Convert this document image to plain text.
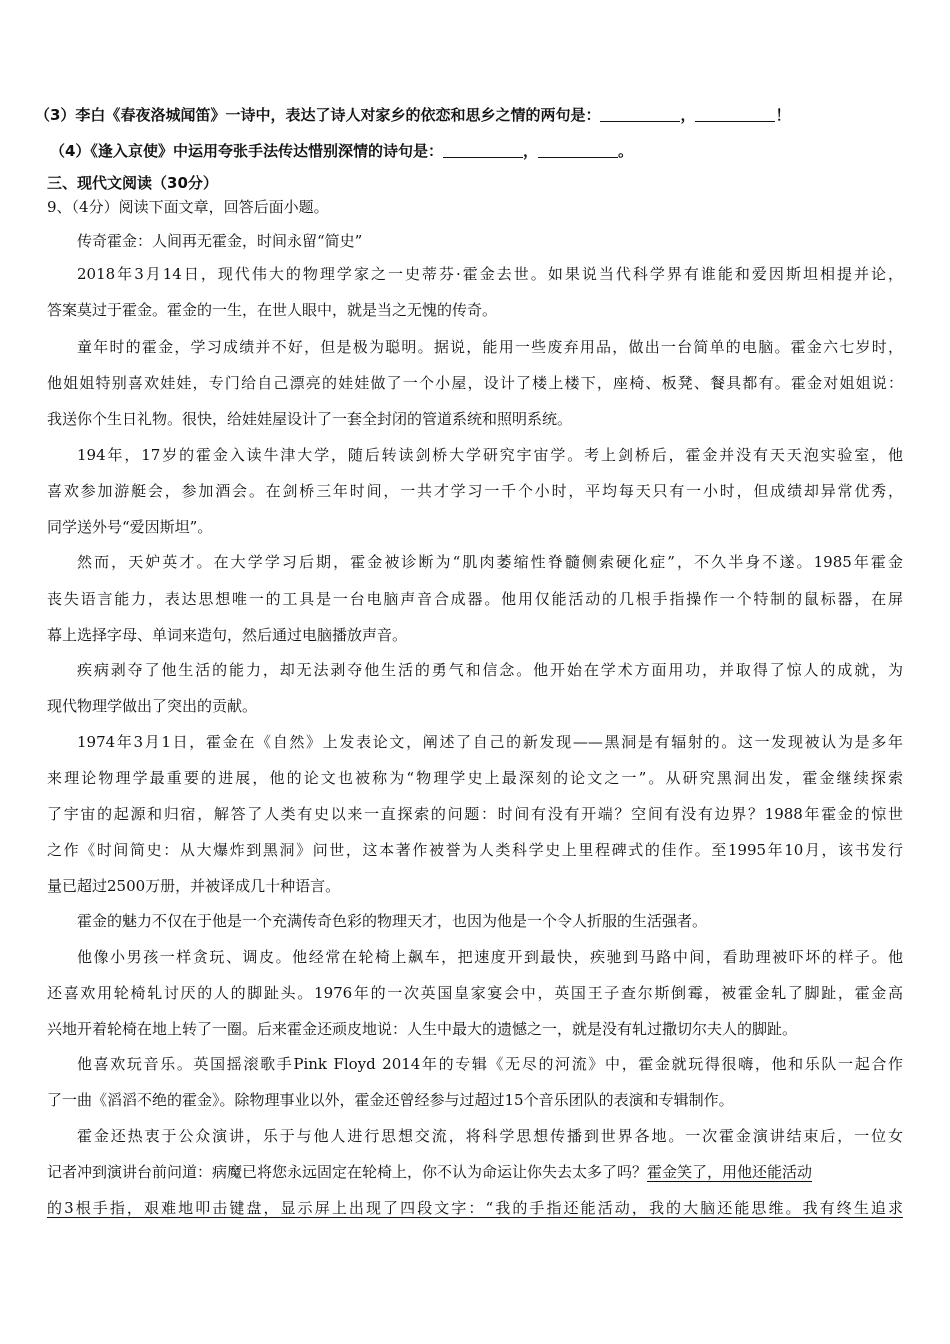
（3）李白《春夜洛城闻笛》一诗中，表达了诗人对家乡的依恋和思乡之情的两句是：	，	！
（4）《逢入京使》中运用夸张手法传达惜别深情的诗句是：	，	。
三、现代文阅读（30分）
9、（4分）阅读下面文章，回答后面小题。
传奇霍金：人间再无霍金，时间永留“简史”
2018年3月14日，现代伟大的物理学家之一史蒂芬·霍金去世。如果说当代科学界有谁能和爱因斯坦相提并论，
答案莫过于霍金。霍金的一生，在世人眼中，就是当之无愧的传奇。
童年时的霍金，学习成绩并不好，但是极为聪明。据说，能用一些废弃用品，做出一台简单的电脑。霍金六七岁时，
他姐姐特别喜欢娃娃，专门给自己漂亮的娃娃做了一个小屋，设计了楼上楼下，座椅、板凳、餐具都有。霍金对姐姐说：
我送你个生日礼物。很快，给娃娃屋设计了一套全封闭的管道系统和照明系统。
194年，17岁的霍金入读牛津大学，随后转读剑桥大学研究宇宙学。考上剑桥后，霍金并没有天天泡实验室，他
喜欢参加游艇会，参加酒会。在剑桥三年时间，一共才学习一千个小时，平均每天只有一小时，但成绩却异常优秀，
同学送外号“爱因斯坦”。
然而，天妒英才。在大学学习后期，霍金被诊断为“肌肉萎缩性脊髓侧索硬化症”，不久半身不遂。1985年霍金
丧失语言能力，表达思想唯一的工具是一台电脑声音合成器。他用仅能活动的几根手指操作一个特制的鼠标器，在屏
幕上选择字母、单词来造句，然后通过电脑播放声音。
疾病剥夺了他生活的能力，却无法剥夺他生活的勇气和信念。他开始在学术方面用功，并取得了惊人的成就，为
现代物理学做出了突出的贡献。
1974年3月1日，霍金在《自然》上发表论文，阐述了自己的新发现——黑洞是有辐射的。这一发现被认为是多年
来理论物理学最重要的进展，他的论文也被称为“物理学史上最深刻的论文之一”。从研究黑洞出发，霍金继续探索
了宇宙的起源和归宿，解答了人类有史以来一直探索的问题：时间有没有开端？空间有没有边界？1988年霍金的惊世
之作《时间简史：从大爆炸到黑洞》问世，这本著作被誉为人类科学史上里程碑式的佳作。至1995年10月，该书发行
量已超过2500万册，并被译成几十种语言。
霍金的魅力不仅在于他是一个充满传奇色彩的物理天才，也因为他是一个令人折服的生活强者。
他像小男孩一样贪玩、调皮。他经常在轮椅上飙车，把速度开到最快，疾驰到马路中间，看助理被吓坏的样子。他
还喜欢用轮椅轧讨厌的人的脚趾头。1976年的一次英国皇家宴会中，英国王子查尔斯倒霉，被霍金轧了脚趾，霍金高
兴地开着轮椅在地上转了一圈。后来霍金还顽皮地说：人生中最大的遗憾之一，就是没有轧过撒切尔夫人的脚趾。
他喜欢玩音乐。英国摇滚歌手Pink Floyd 2014年的专辑《无尽的河流》中，霍金就玩得很嗨，他和乐队一起合作
了一曲《滔滔不绝的霍金》。除物理事业以外，霍金还曾经参与过超过15个音乐团队的表演和专辑制作。
霍金还热衷于公众演讲，乐于与他人进行思想交流，将科学思想传播到世界各地。一次霍金演讲结束后，一位女
记者冲到演讲台前问道：病魔已将您永远固定在轮椅上，你不认为命运让你失去太多了吗？霍金笑了，用他还能活动
的3根手指，艰难地叩击键盘，显示屏上出现了四段文字：“我的手指还能活动，我的大脑还能思维。我有终生追求
